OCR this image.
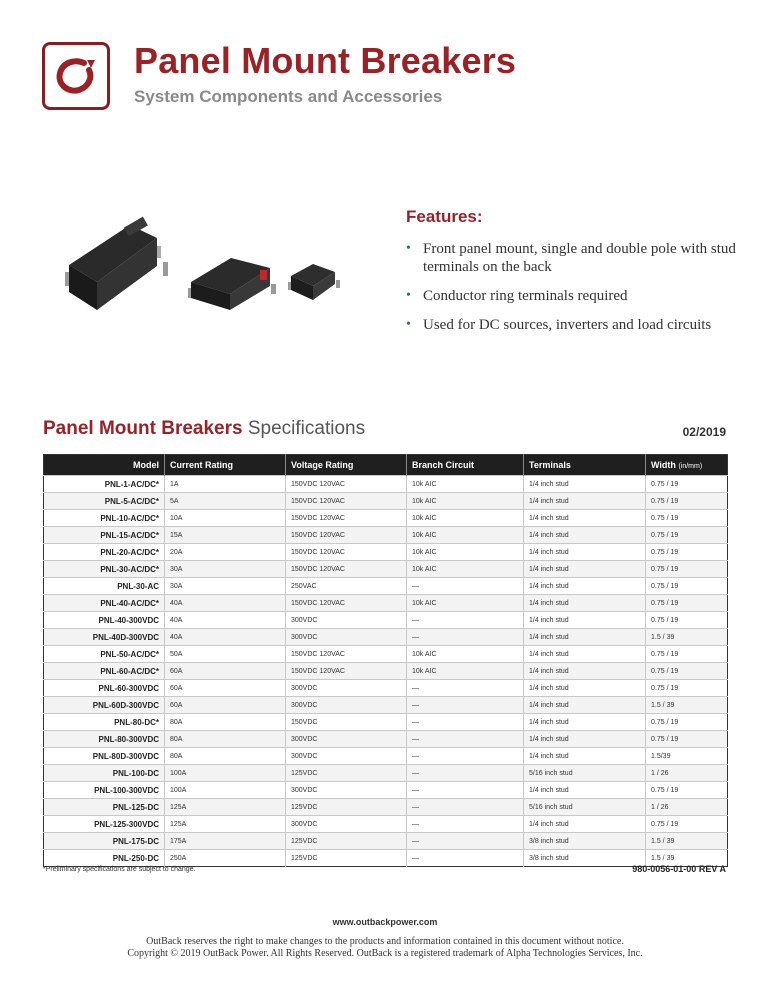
Panel Mount Breakers
System Components and Accessories
Features:
• Front panel mount, single and double pole with stud terminals on the back
• Conductor ring terminals required
• Used for DC sources, inverters and load circuits
Panel Mount Breakers Specifications	02/2019
Model	Current Rating	Voltage Rating	Branch Circuit	Terminals	Width (in/mm)
PNL-1-AC/DC*	1A	150VDC 120VAC	10k AIC	1/4 inch stud	0.75 / 19
PNL-5-AC/DC*	5A	150VDC 120VAC	10k AIC	1/4 inch stud	0.75 / 19
PNL-10-AC/DC*	10A	150VDC 120VAC	10k AIC	1/4 inch stud	0.75 / 19
PNL-15-AC/DC*	15A	150VDC 120VAC	10k AIC	1/4 inch stud	0.75 / 19
PNL-20-AC/DC*	20A	150VDC 120VAC	10k AIC	1/4 inch stud	0.75 / 19
PNL-30-AC/DC*	30A	150VDC 120VAC	10k AIC	1/4 inch stud	0.75 / 19
PNL-30-AC	30A	250VAC	—	1/4 inch stud	0.75 / 19
PNL-40-AC/DC*	40A	150VDC 120VAC	10k AIC	1/4 inch stud	0.75 / 19
PNL-40-300VDC	40A	300VDC	—	1/4 inch stud	0.75 / 19
PNL-40D-300VDC	40A	300VDC	—	1/4 inch stud	1.5 / 39
PNL-50-AC/DC*	50A	150VDC 120VAC	10k AIC	1/4 inch stud	0.75 / 19
PNL-60-AC/DC*	60A	150VDC 120VAC	10k AIC	1/4 inch stud	0.75 / 19
PNL-60-300VDC	60A	300VDC	—	1/4 inch stud	0.75 / 19
PNL-60D-300VDC	60A	300VDC	—	1/4 inch stud	1.5 / 39
PNL-80-DC*	80A	150VDC	—	1/4 inch stud	0.75 / 19
PNL-80-300VDC	80A	300VDC	—	1/4 inch stud	0.75 / 19
PNL-80D-300VDC	80A	300VDC	—	1/4 inch stud	1.5/39
PNL-100-DC	100A	125VDC	—	5/16 inch stud	1 / 26
PNL-100-300VDC	100A	300VDC	—	1/4 inch stud	0.75 / 19
PNL-125-DC	125A	125VDC	—	5/16 inch stud	1 / 26
PNL-125-300VDC	125A	300VDC	—	1/4 inch stud	0.75 / 19
PNL-175-DC	175A	125VDC	—	3/8 inch stud	1.5 / 39
PNL-250-DC	250A	125VDC	—	3/8 inch stud	1.5 / 39
*Preliminary specifications are subject to change.	980-0056-01-00 REV A
www.outbackpower.com
OutBack reserves the right to make changes to the products and information contained in this document without notice.
Copyright © 2019 OutBack Power. All Rights Reserved. OutBack is a registered trademark of Alpha Technologies Services, Inc.
